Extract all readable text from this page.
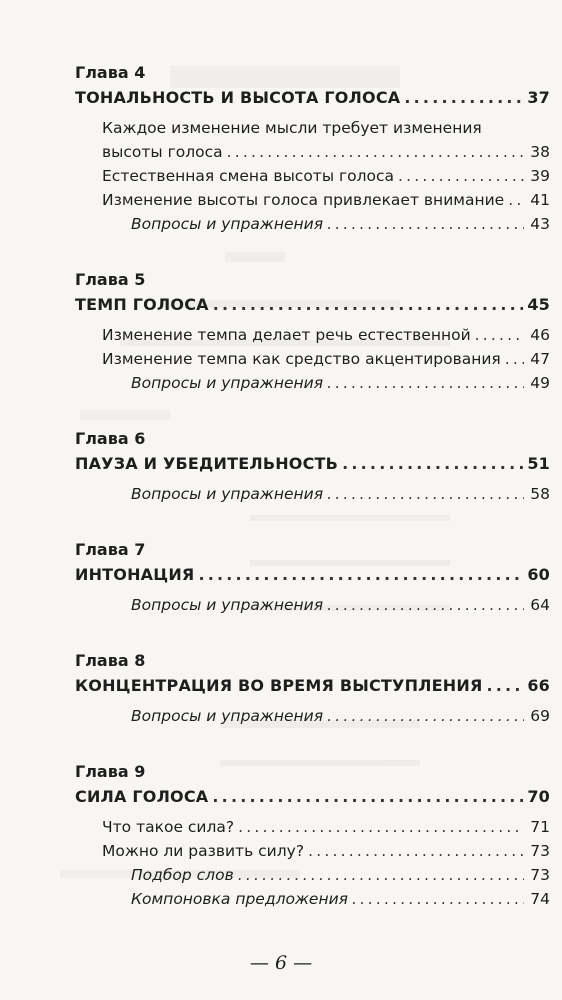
Глава 4
ТОНАЛЬНОСТЬ И ВЫСОТА ГОЛОСА .....	37
Каждое изменение мысли требует изменения
высоты голоса .....	38
Естественная смена высоты голоса .....	39
Изменение высоты голоса привлекает внимание ..... 41
Вопросы и упражнения .....	43
Глава 5
ТЕМП ГОЛОСА .....	45
Изменение темпа делает речь естественной .....	46
Изменение темпа как средство акцентирования ..... 47
Вопросы и упражнения .....	49
Глава 6
ПАУЗА И УБЕДИТЕЛЬНОСТЬ .....	51
Вопросы и упражнения .....	58
Глава 7
ИНТОНАЦИЯ .....	60
Вопросы и упражнения .....	64
Глава 8
КОНЦЕНТРАЦИЯ ВО ВРЕМЯ ВЫСТУПЛЕНИЯ .....	66
Вопросы и упражнения .....	69
Глава 9
СИЛА ГОЛОСА .....	70
Что такое сила? .....	71
Можно ли развить силу? .....	73
Подбор слов .....	73
Компоновка предложения .....	74
— 6 —
